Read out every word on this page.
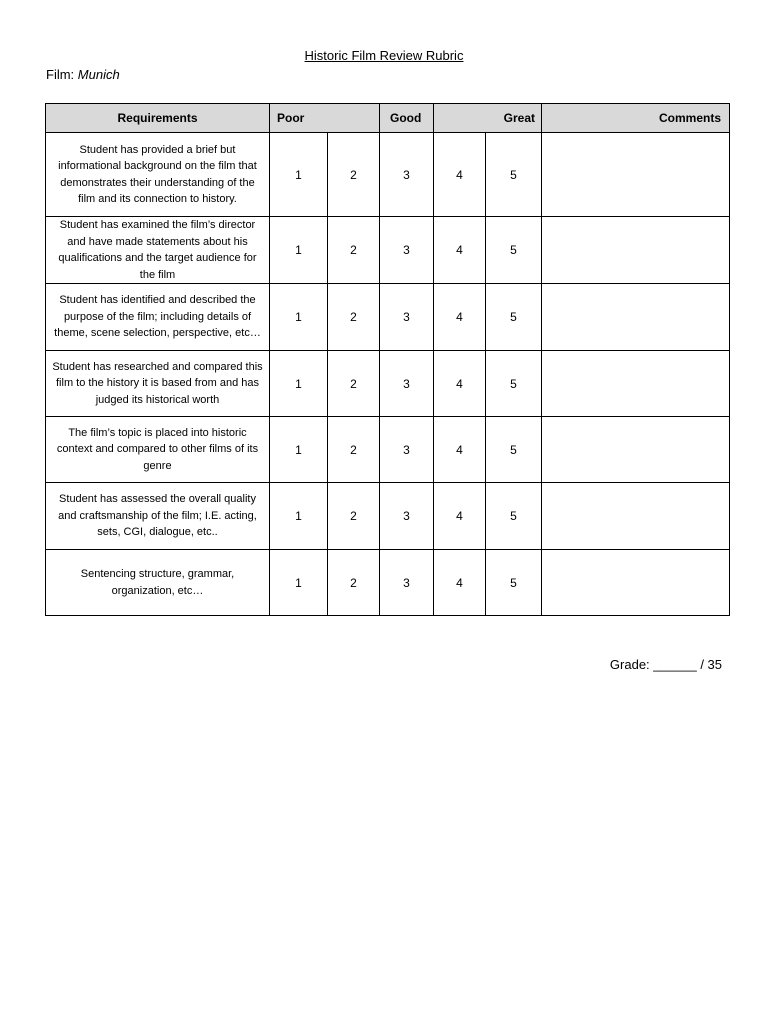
Historic Film Review Rubric
Film: Munich
Requirements	Poor		Good	Great		Comments
Student has provided a brief but informational background on the film that demonstrates their understanding of the film and its connection to history.	1	2	3	4	5	
Student has examined the film’s director and have made statements about his qualifications and the target audience for the film	1	2	3	4	5	
Student has identified and described the purpose of the film; including details of theme, scene selection, perspective, etc…	1	2	3	4	5	
Student has researched and compared this film to the history it is based from and has judged its historical worth	1	2	3	4	5	
The film’s topic is placed into historic context and compared to other films of its genre	1	2	3	4	5	
Student has assessed the overall quality and craftsmanship of the film; I.E. acting, sets, CGI, dialogue, etc..	1	2	3	4	5	
Sentencing structure, grammar, organization, etc…	1	2	3	4	5	
Grade: ______ / 35
